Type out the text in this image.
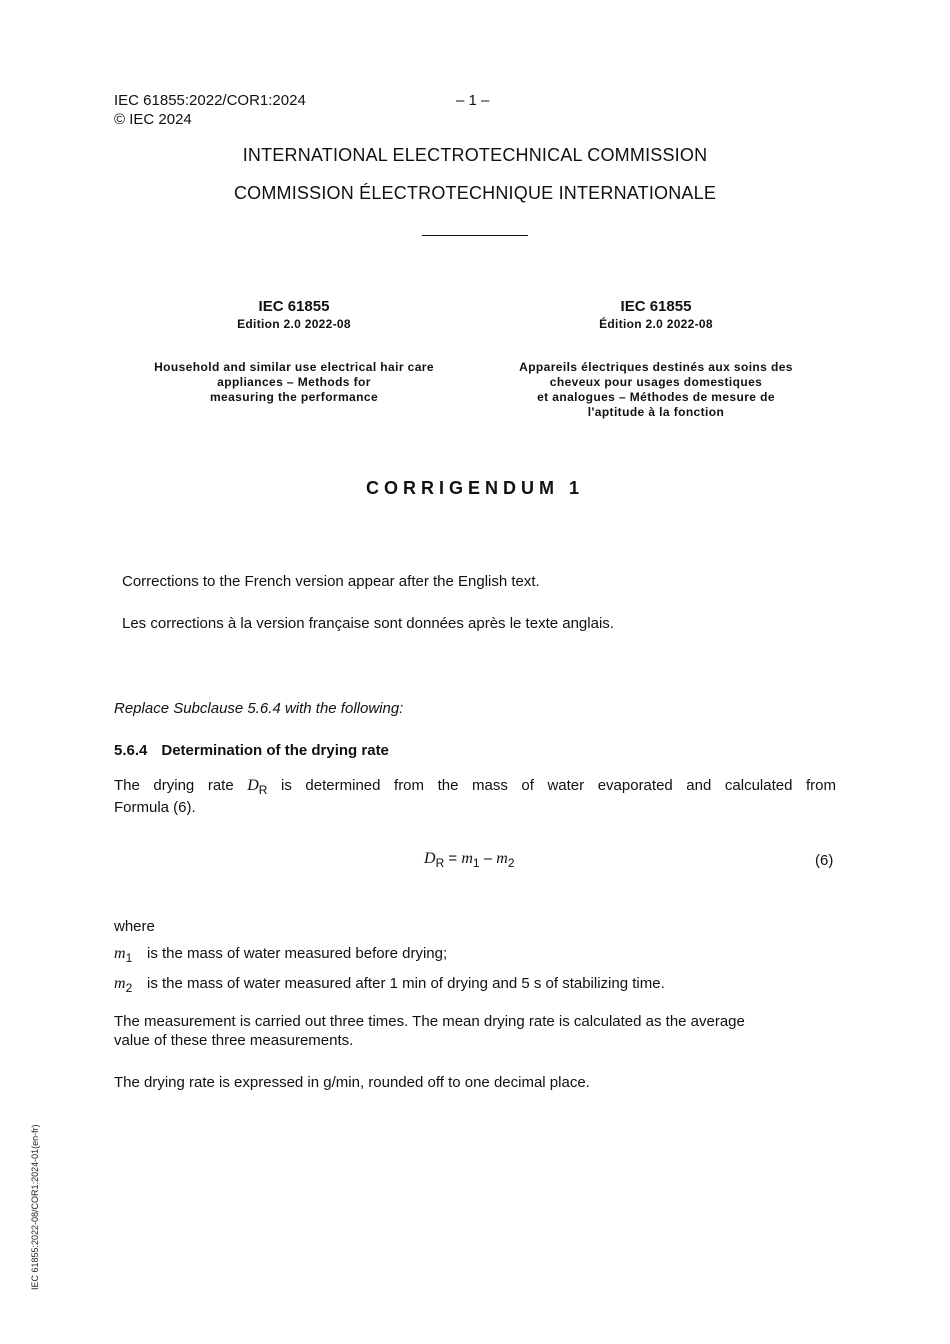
IEC 61855:2022/COR1:2024	– 1 –
© IEC 2024
INTERNATIONAL ELECTROTECHNICAL COMMISSION
COMMISSION ÉLECTROTECHNIQUE INTERNATIONALE
IEC 61855
Edition 2.0 2022-08
Household and similar use electrical hair care
appliances – Methods for
measuring the performance
IEC 61855
Édition 2.0 2022-08
Appareils électriques destinés aux soins des
cheveux pour usages domestiques
et analogues – Méthodes de mesure de
l'aptitude à la fonction
CORRIGENDUM 1
Corrections to the French version appear after the English text.
Les corrections à la version française sont données après le texte anglais.
Replace Subclause 5.6.4 with the following:
5.6.4 Determination of the drying rate
The drying rate $D_R$ is determined from the mass of water evaporated and calculated from
Formula (6).
$D_R = m_1 - m_2$	(6)
where
$m_1$ is the mass of water measured before drying;
$m_2$ is the mass of water measured after 1 min of drying and 5 s of stabilizing time.
The measurement is carried out three times. The mean drying rate is calculated as the average
value of these three measurements.
The drying rate is expressed in g/min, rounded off to one decimal place.
IEC 61855:2022-08/COR1:2024-01(en-fr)
